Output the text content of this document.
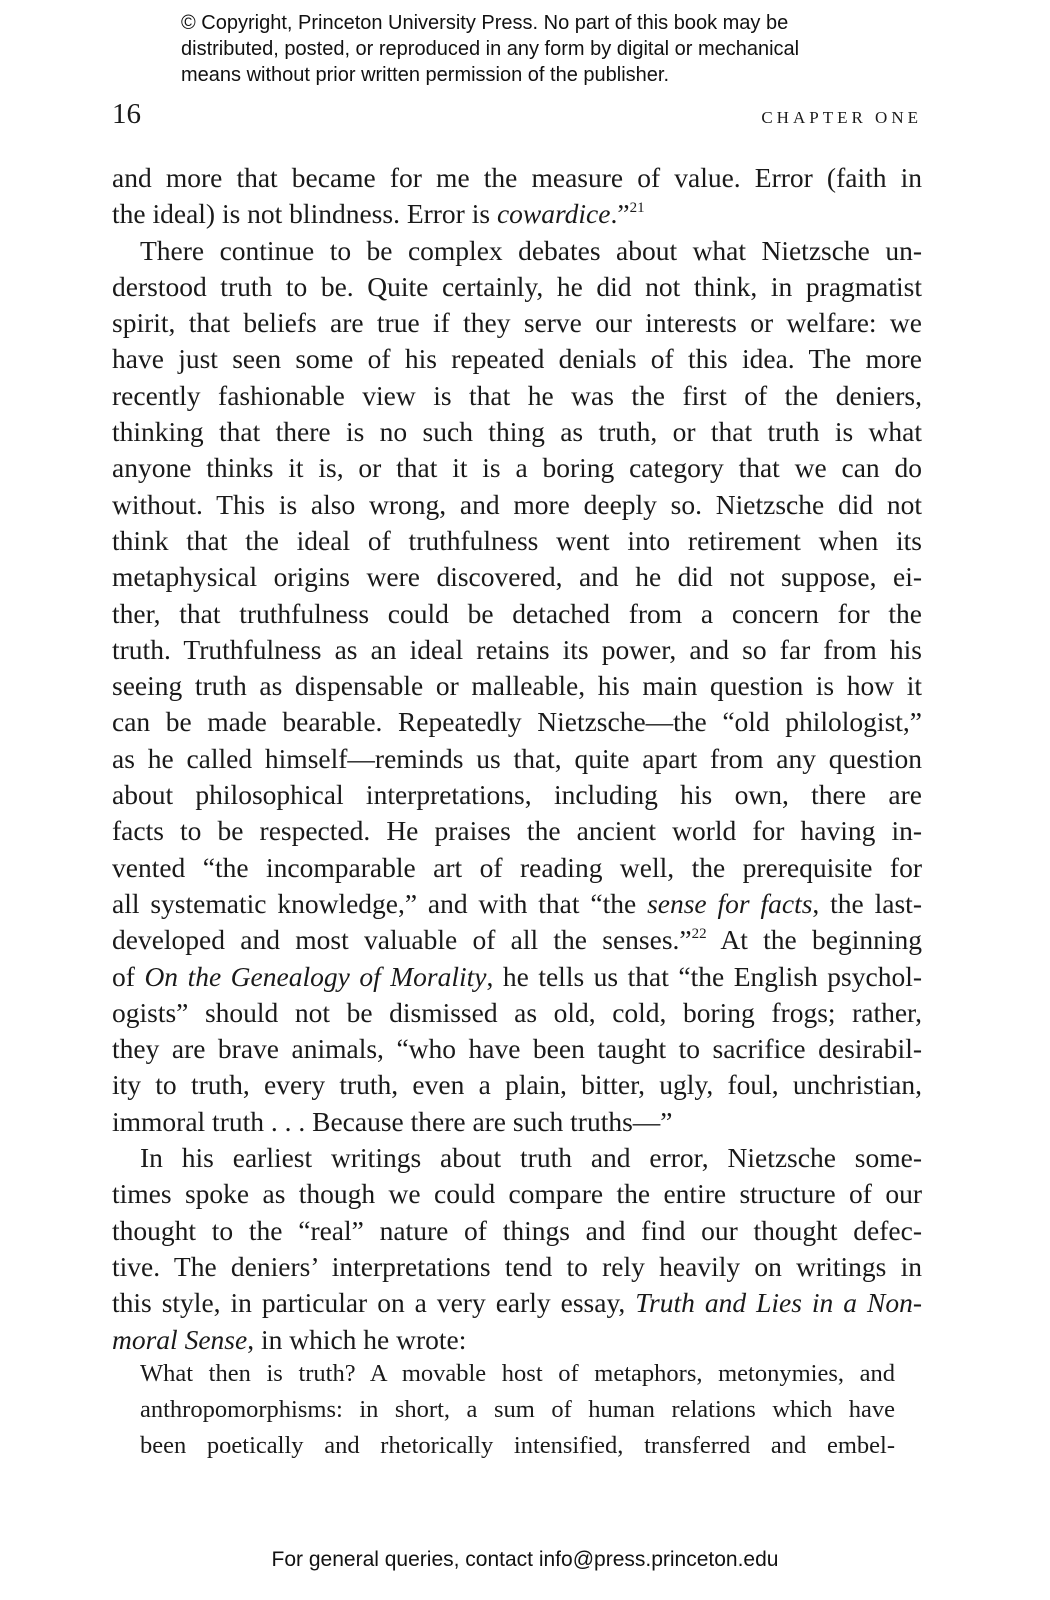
© Copyright, Princeton University Press. No part of this book may be
distributed, posted, or reproduced in any form by digital or mechanical
means without prior written permission of the publisher.
16	CHAPTER ONE
and more that became for me the measure of value. Error (faith in
the ideal) is not blindness. Error is cowardice.”$^{21}$
There continue to be complex debates about what Nietzsche un-
derstood truth to be. Quite certainly, he did not think, in pragmatist
spirit, that beliefs are true if they serve our interests or welfare: we
have just seen some of his repeated denials of this idea. The more
recently fashionable view is that he was the first of the deniers,
thinking that there is no such thing as truth, or that truth is what
anyone thinks it is, or that it is a boring category that we can do
without. This is also wrong, and more deeply so. Nietzsche did not
think that the ideal of truthfulness went into retirement when its
metaphysical origins were discovered, and he did not suppose, ei-
ther, that truthfulness could be detached from a concern for the
truth. Truthfulness as an ideal retains its power, and so far from his
seeing truth as dispensable or malleable, his main question is how it
can be made bearable. Repeatedly Nietzsche—the “old philologist,”
as he called himself—reminds us that, quite apart from any question
about philosophical interpretations, including his own, there are
facts to be respected. He praises the ancient world for having in-
vented “the incomparable art of reading well, the prerequisite for
all systematic knowledge,” and with that “the sense for facts, the last-
developed and most valuable of all the senses.”$^{22}$ At the beginning
of On the Genealogy of Morality, he tells us that “the English psychol-
ogists” should not be dismissed as old, cold, boring frogs; rather,
they are brave animals, “who have been taught to sacrifice desirabil-
ity to truth, every truth, even a plain, bitter, ugly, foul, unchristian,
immoral truth . . . Because there are such truths—”
In his earliest writings about truth and error, Nietzsche some-
times spoke as though we could compare the entire structure of our
thought to the “real” nature of things and find our thought defec-
tive. The deniers’ interpretations tend to rely heavily on writings in
this style, in particular on a very early essay, Truth and Lies in a Non-
moral Sense, in which he wrote:
What then is truth? A movable host of metaphors, metonymies, and
anthropomorphisms: in short, a sum of human relations which have
been poetically and rhetorically intensified, transferred and embel-
For general queries, contact info@press.princeton.edu
